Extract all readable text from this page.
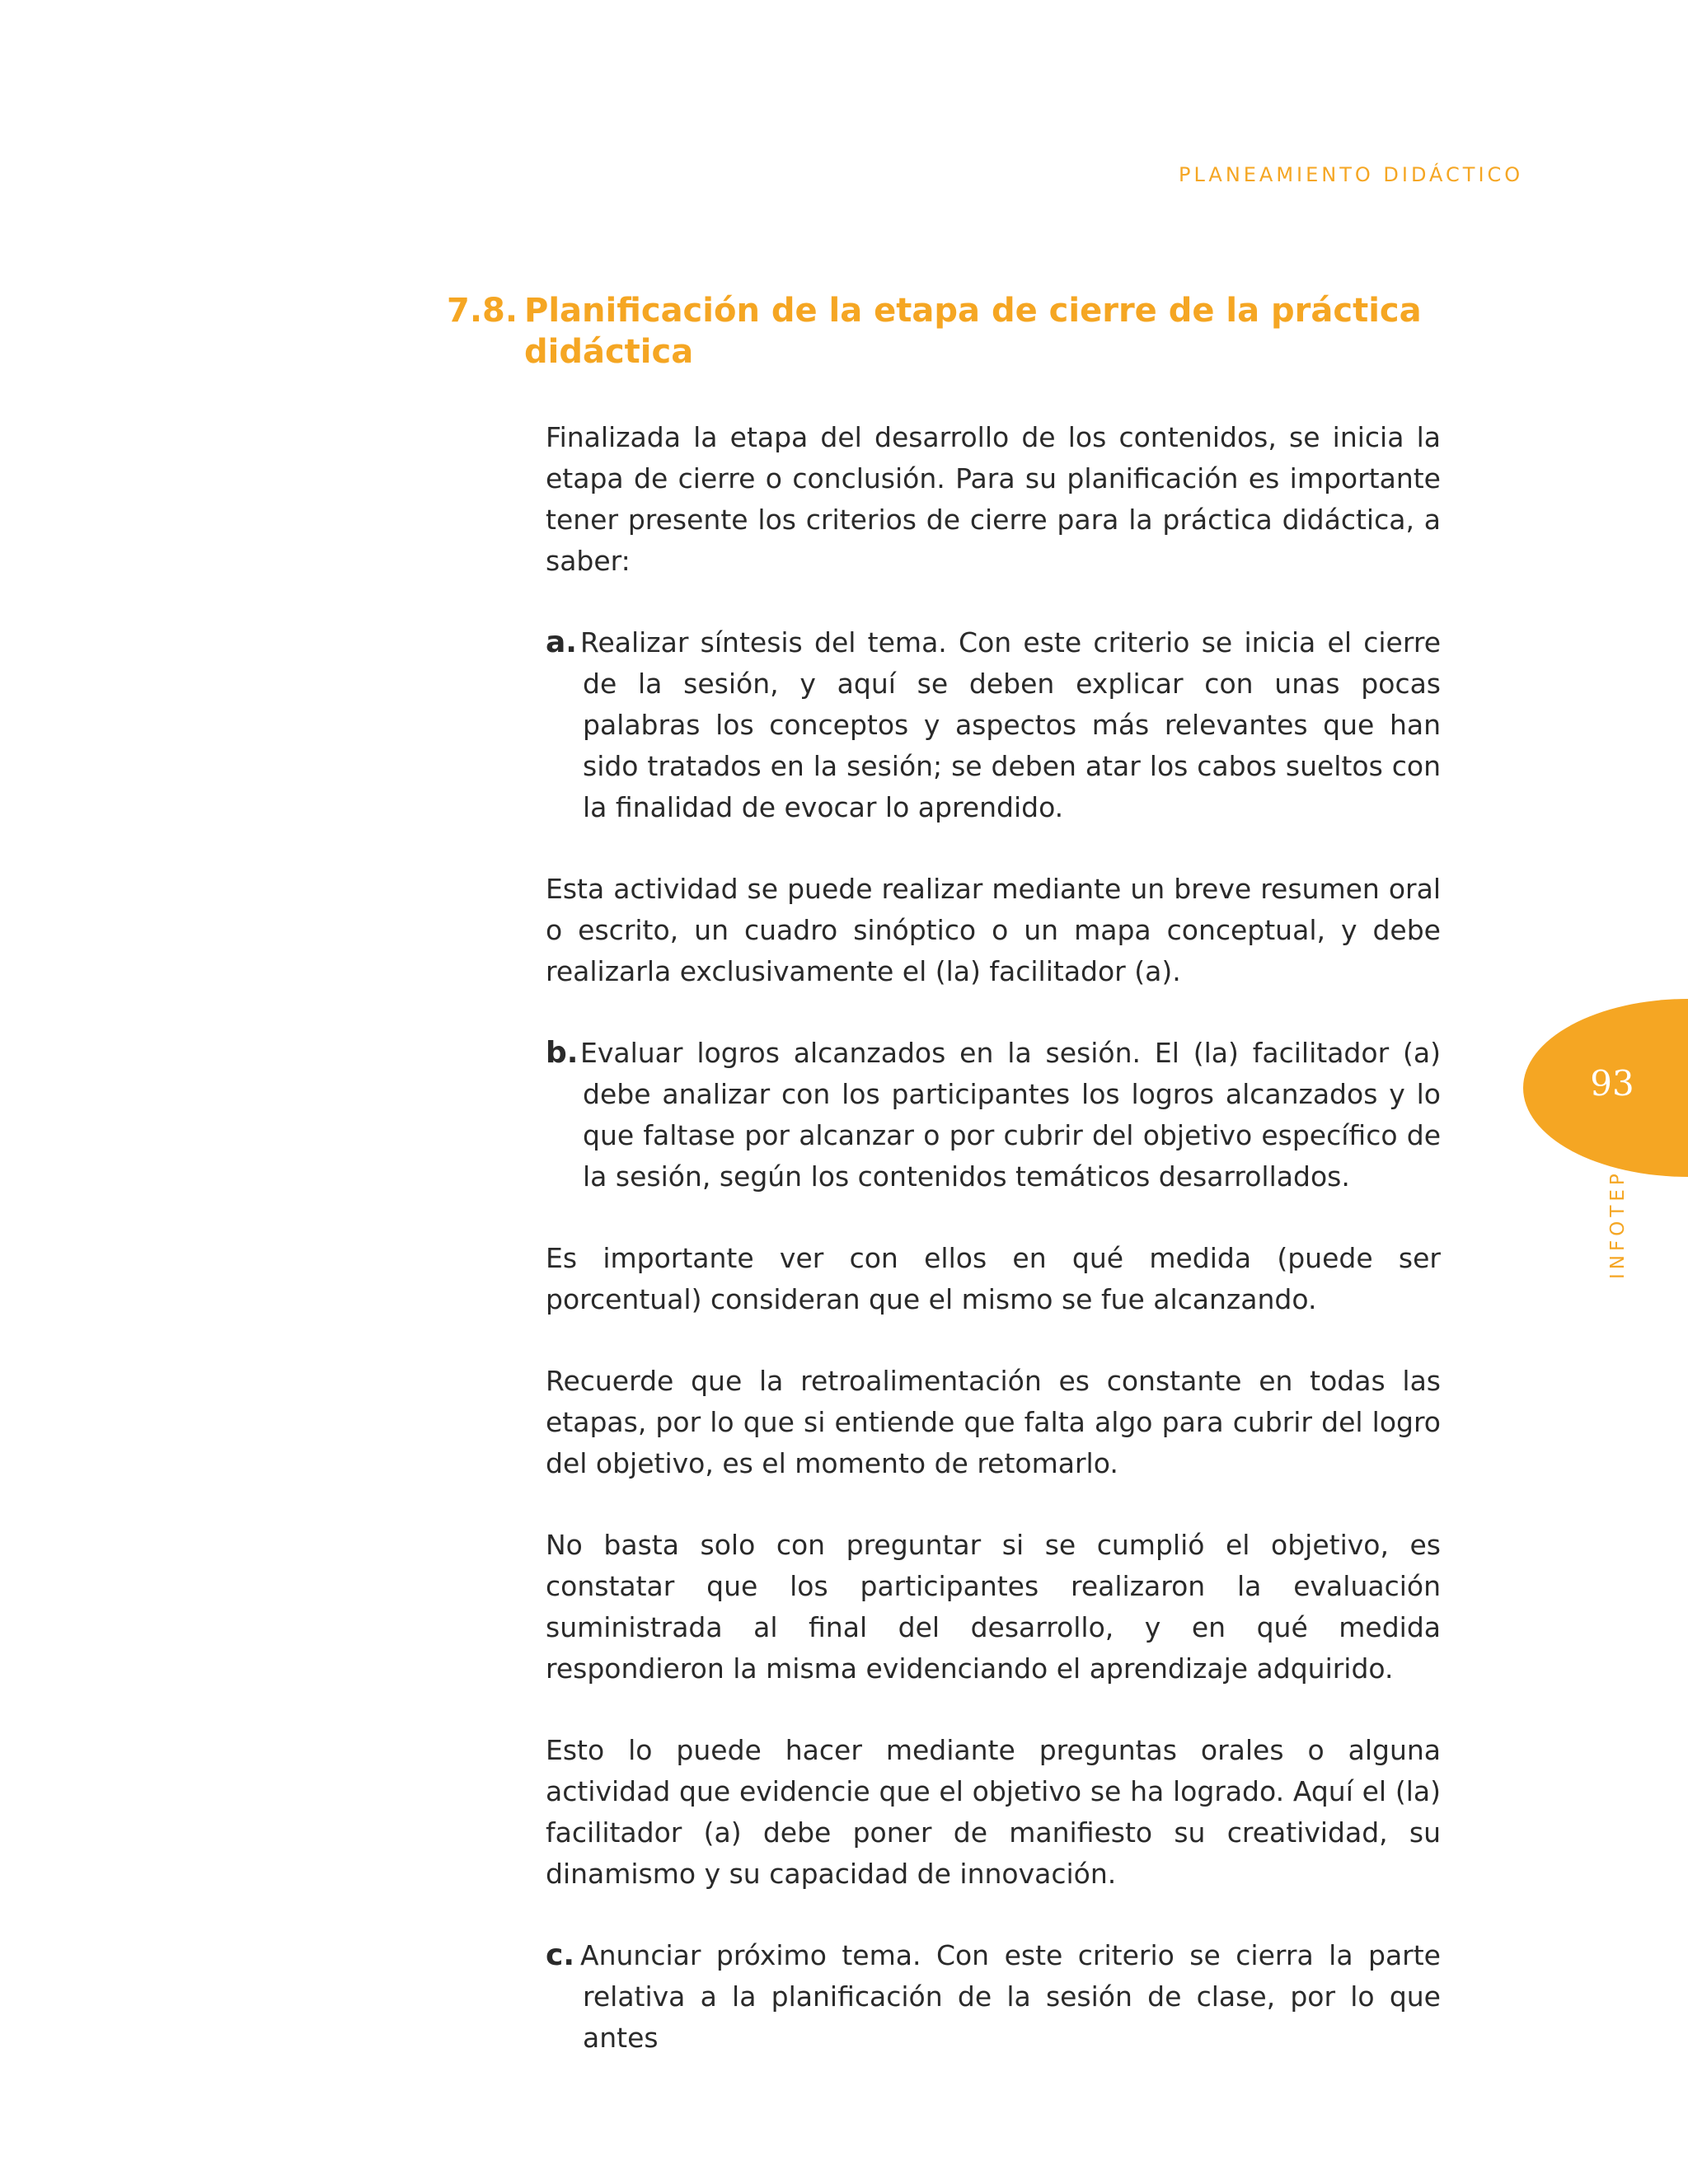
PLANEAMIENTO DIDÁCTICO
7.8. Planificación de la etapa de cierre de la práctica
didáctica

Finalizada la etapa del desarrollo de los contenidos, se inicia la etapa de cierre o conclusión. Para su planificación es importante tener presente los criterios de cierre para la práctica didáctica, a saber:

a. Realizar síntesis del tema. Con este criterio se inicia el cierre de la sesión, y aquí se deben explicar con unas pocas palabras los conceptos y aspectos más relevantes que han sido tratados en la sesión; se deben atar los cabos sueltos con la finalidad de evocar lo aprendido.

Esta actividad se puede realizar mediante un breve resumen oral o escrito, un cuadro sinóptico o un mapa conceptual, y debe realizarla exclusivamente el (la) facilitador (a).

b.Evaluar logros alcanzados en la sesión. El (la) facilitador (a) debe analizar con los participantes los logros alcanzados y lo que faltase por alcanzar o por cubrir del objetivo específico de la sesión, según los contenidos temáticos desarrollados.

Es importante ver con ellos en qué medida (puede ser porcentual) consideran que el mismo se fue alcanzando.

Recuerde que la retroalimentación es constante en todas las etapas, por lo que si entiende que falta algo para cubrir del logro del objetivo, es el momento de retomarlo.

No basta solo con preguntar si se cumplió el objetivo, es constatar que los participantes realizaron la evaluación suministrada al final del desarrollo, y en qué medida respondieron la misma evidenciando el aprendizaje adquirido.

Esto lo puede hacer mediante preguntas orales o alguna actividad que evidencie que el objetivo se ha logrado. Aquí el (la) facilitador (a) debe poner de manifiesto su creatividad, su dinamismo y su capacidad de innovación.

c. Anunciar próximo tema. Con este criterio se cierra la parte relativa a la planificación de la sesión de clase, por lo que antes
93
INFOTEP
